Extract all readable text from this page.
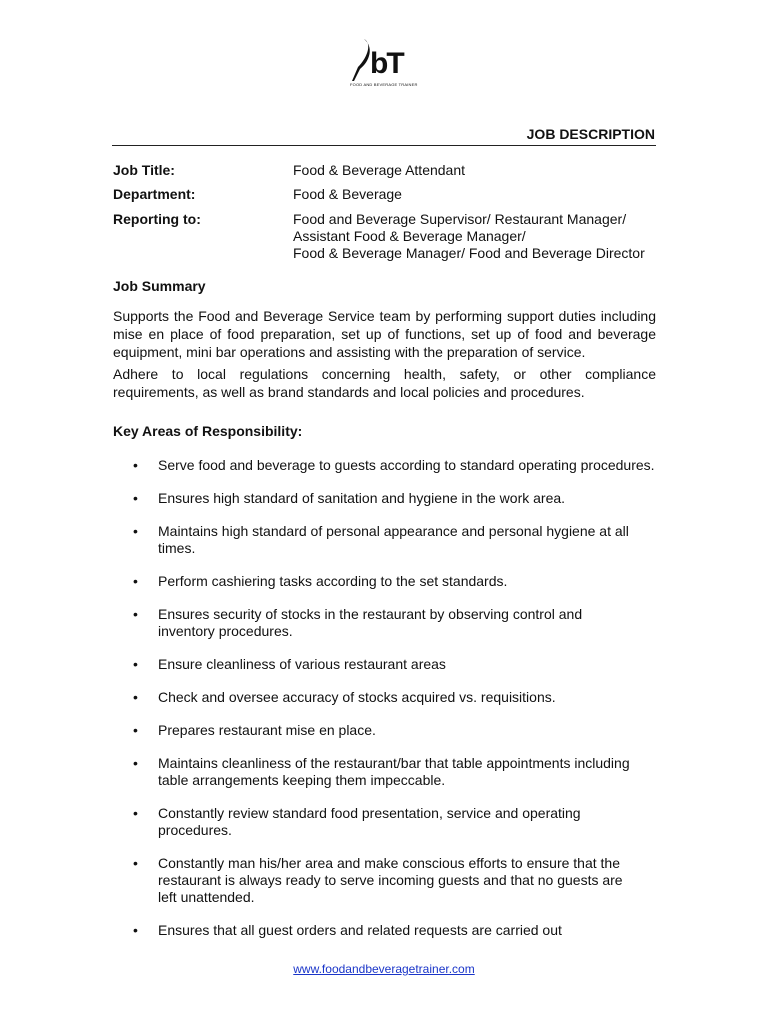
bT
FOOD AND BEVERAGE TRAINER
JOB DESCRIPTION
Job Title:	Food & Beverage Attendant
Department:	Food & Beverage
Reporting to:	Food and Beverage Supervisor/ Restaurant Manager/
Assistant Food & Beverage Manager/
Food & Beverage Manager/ Food and Beverage Director
Job Summary
Supports the Food and Beverage Service team by performing support duties including mise en place of food preparation, set up of functions, set up of food and beverage equipment, mini bar operations and assisting with the preparation of service.
Adhere to local regulations concerning health, safety, or other compliance requirements, as well as brand standards and local policies and procedures.
Key Areas of Responsibility:
• Serve food and beverage to guests according to standard operating procedures.
• Ensures high standard of sanitation and hygiene in the work area.
• Maintains high standard of personal appearance and personal hygiene at all times.
• Perform cashiering tasks according to the set standards.
• Ensures security of stocks in the restaurant by observing control and inventory procedures.
• Ensure cleanliness of various restaurant areas
• Check and oversee accuracy of stocks acquired vs. requisitions.
• Prepares restaurant mise en place.
• Maintains cleanliness of the restaurant/bar that table appointments including table arrangements keeping them impeccable.
• Constantly review standard food presentation, service and operating procedures.
• Constantly man his/her area and make conscious efforts to ensure that the restaurant is always ready to serve incoming guests and that no guests are left unattended.
• Ensures that all guest orders and related requests are carried out
www.foodandbeveragetrainer.com
